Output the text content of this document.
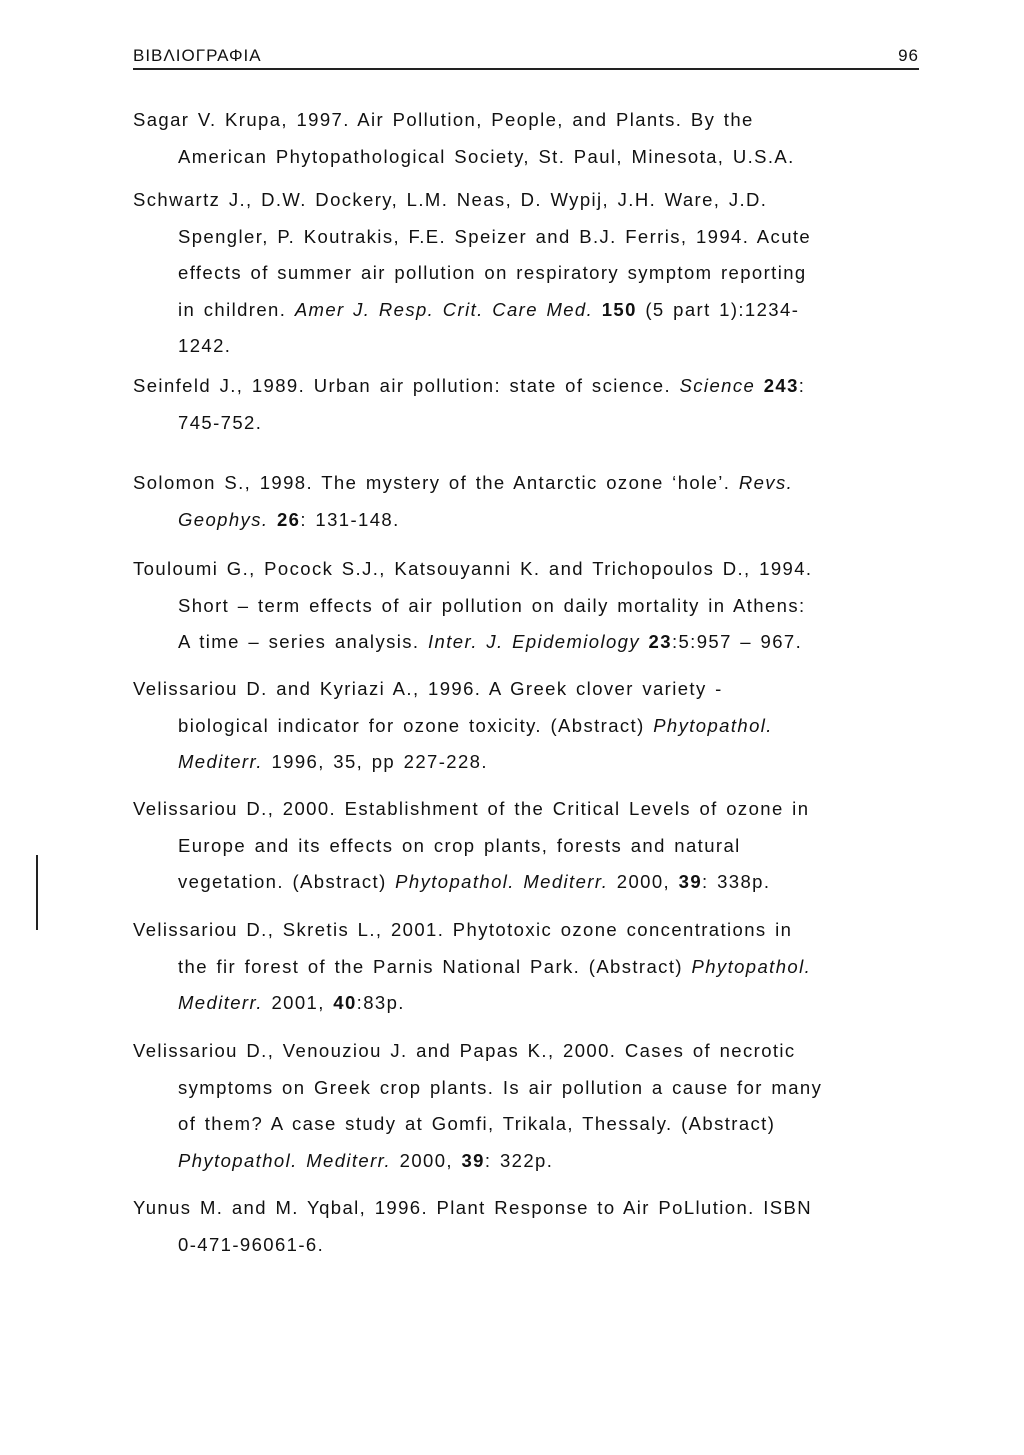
ΒΙΒΛΙΟΓΡΑΦΙΑ	96
Sagar V. Krupa, 1997. Air Pollution, People, and Plants. By the
American Phytopathological Society, St. Paul, Minesota, U.S.A.
Schwartz J., D.W. Dockery, L.M. Neas, D. Wypij, J.H. Ware, J.D.
Spengler, P. Koutrakis, F.E. Speizer and B.J. Ferris, 1994. Acute
effects of summer air pollution on respiratory symptom reporting
in children. Amer J. Resp. Crit. Care Med. 150 (5 part 1):1234-
1242.
Seinfeld J., 1989. Urban air pollution: state of science. Science 243:
745-752.
Solomon S., 1998. The mystery of the Antarctic ozone ‘hole’. Revs.
Geophys. 26: 131-148.
Touloumi G., Pocock S.J., Katsouyanni K. and Trichopoulos D., 1994.
Short – term effects of air pollution on daily mortality in Athens:
A time – series analysis. Inter. J. Epidemiology 23:5:957 – 967.
Velissariou D. and Kyriazi A., 1996. A Greek clover variety -
biological indicator for ozone toxicity. (Abstract) Phytopathol.
Mediterr. 1996, 35, pp 227-228.
Velissariou D., 2000. Establishment of the Critical Levels of ozone in
Europe and its effects on crop plants, forests and natural
vegetation. (Abstract) Phytopathol. Mediterr. 2000, 39: 338p.
Velissariou D., Skretis L., 2001. Phytotoxic ozone concentrations in
the fir forest of the Parnis National Park. (Abstract) Phytopathol.
Mediterr. 2001, 40:83p.
Velissariou D., Venouziou J. and Papas K., 2000. Cases of necrotic
symptoms on Greek crop plants. Is air pollution a cause for many
of them? A case study at Gomfi, Trikala, Thessaly. (Abstract)
Phytopathol. Mediterr. 2000, 39: 322p.
Yunus M. and M. Yqbal, 1996. Plant Response to Air PoLlution. ISBN
0-471-96061-6.
